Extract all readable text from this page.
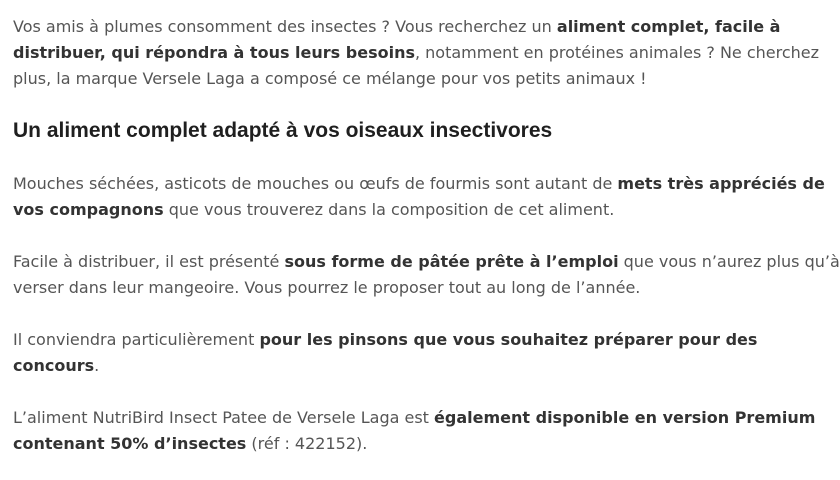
Vos amis à plumes consomment des insectes ? Vous recherchez un aliment complet, facile à
distribuer, qui répondra à tous leurs besoins, notamment en protéines animales ? Ne cherchez
plus, la marque Versele Laga a composé ce mélange pour vos petits animaux !

Un aliment complet adapté à vos oiseaux insectivores

Mouches séchées, asticots de mouches ou œufs de fourmis sont autant de mets très appréciés de
vos compagnons que vous trouverez dans la composition de cet aliment.

Facile à distribuer, il est présenté sous forme de pâtée prête à l’emploi que vous n’aurez plus qu’à
verser dans leur mangeoire. Vous pourrez le proposer tout au long de l’année.

Il conviendra particulièrement pour les pinsons que vous souhaitez préparer pour des
concours.

L’aliment NutriBird Insect Patee de Versele Laga est également disponible en version Premium
contenant 50% d’insectes (réf : 422152).
